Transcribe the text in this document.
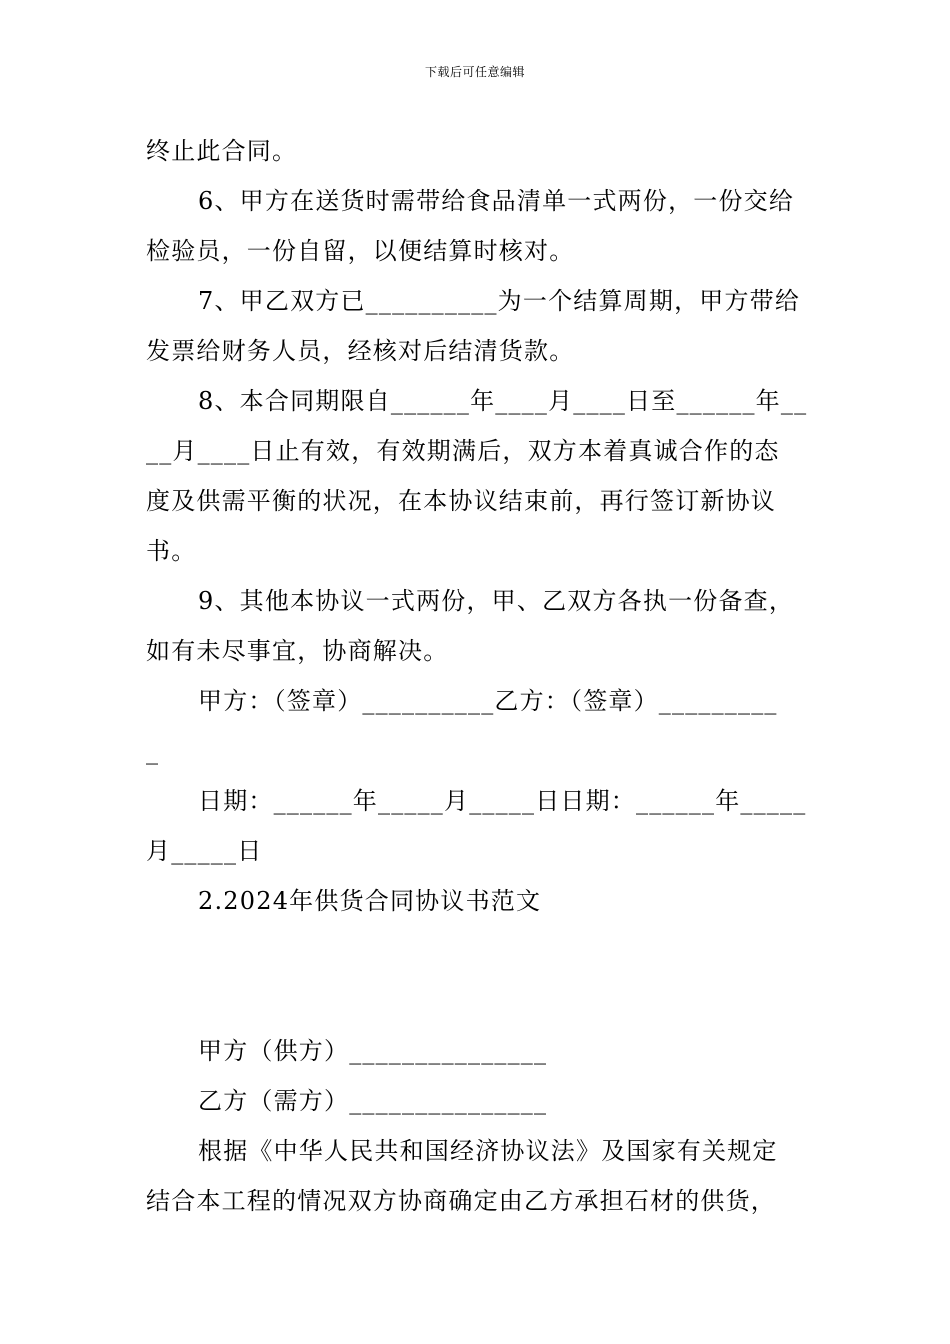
下载后可任意编辑

终止此合同。

6、甲方在送货时需带给食品清单一式两份，一份交给

检验员，一份自留，以便结算时核对。

7、甲乙双方已__________为一个结算周期，甲方带给

发票给财务人员，经核对后结清货款。

8、本合同期限自______年____月____日至______年__

__月____日止有效，有效期满后，双方本着真诚合作的态

度及供需平衡的状况，在本协议结束前，再行签订新协议

书。

9、其他本协议一式两份，甲、乙双方各执一份备查，

如有未尽事宜，协商解决。

甲方：（签章）__________乙方：（签章）_________

_

日期：______年_____月_____日日期：______年_____

月_____日

2.2024年供货合同协议书范文

甲方（供方）_______________

乙方（需方）_______________

根据《中华人民共和国经济协议法》及国家有关规定

结合本工程的情况双方协商确定由乙方承担石材的供货，
